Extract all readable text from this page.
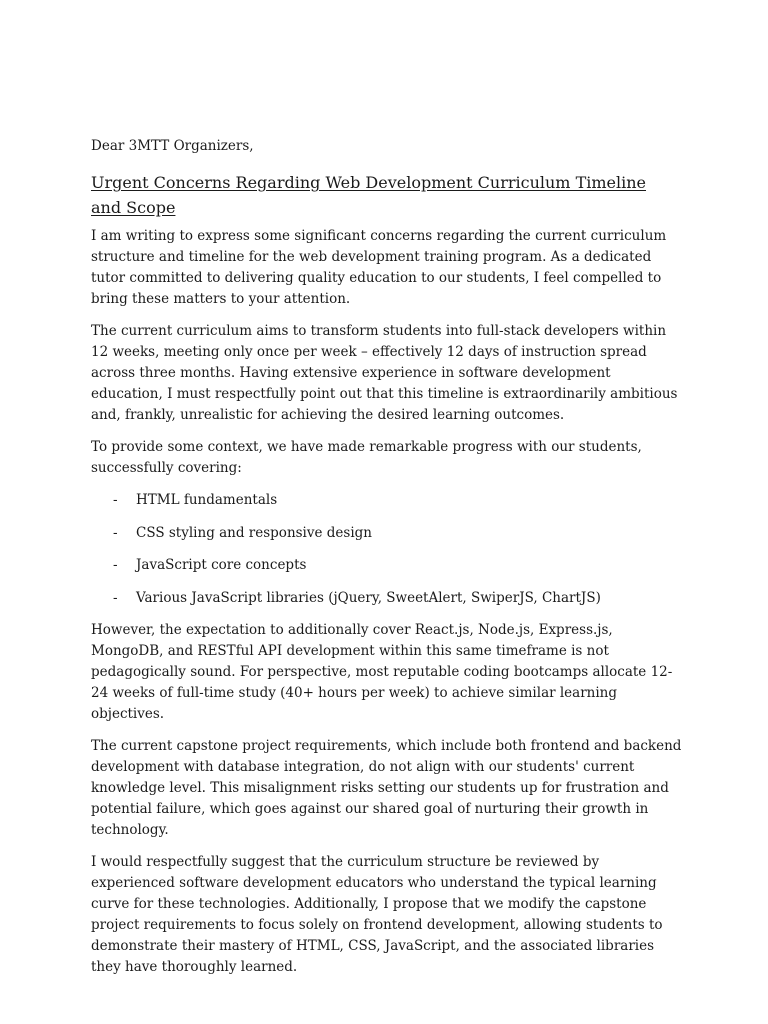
Dear 3MTT Organizers,

Urgent Concerns Regarding Web Development Curriculum Timeline and Scope

I am writing to express some significant concerns regarding the current curriculum structure and timeline for the web development training program. As a dedicated tutor committed to delivering quality education to our students, I feel compelled to bring these matters to your attention.

The current curriculum aims to transform students into full-stack developers within 12 weeks, meeting only once per week – effectively 12 days of instruction spread across three months. Having extensive experience in software development education, I must respectfully point out that this timeline is extraordinarily ambitious and, frankly, unrealistic for achieving the desired learning outcomes.

To provide some context, we have made remarkable progress with our students, successfully covering:

- HTML fundamentals
- CSS styling and responsive design
- JavaScript core concepts
- Various JavaScript libraries (jQuery, SweetAlert, SwiperJS, ChartJS)

However, the expectation to additionally cover React.js, Node.js, Express.js, MongoDB, and RESTful API development within this same timeframe is not pedagogically sound. For perspective, most reputable coding bootcamps allocate 12-24 weeks of full-time study (40+ hours per week) to achieve similar learning objectives.

The current capstone project requirements, which include both frontend and backend development with database integration, do not align with our students' current knowledge level. This misalignment risks setting our students up for frustration and potential failure, which goes against our shared goal of nurturing their growth in technology.

I would respectfully suggest that the curriculum structure be reviewed by experienced software development educators who understand the typical learning curve for these technologies. Additionally, I propose that we modify the capstone project requirements to focus solely on frontend development, allowing students to demonstrate their mastery of HTML, CSS, JavaScript, and the associated libraries they have thoroughly learned.
